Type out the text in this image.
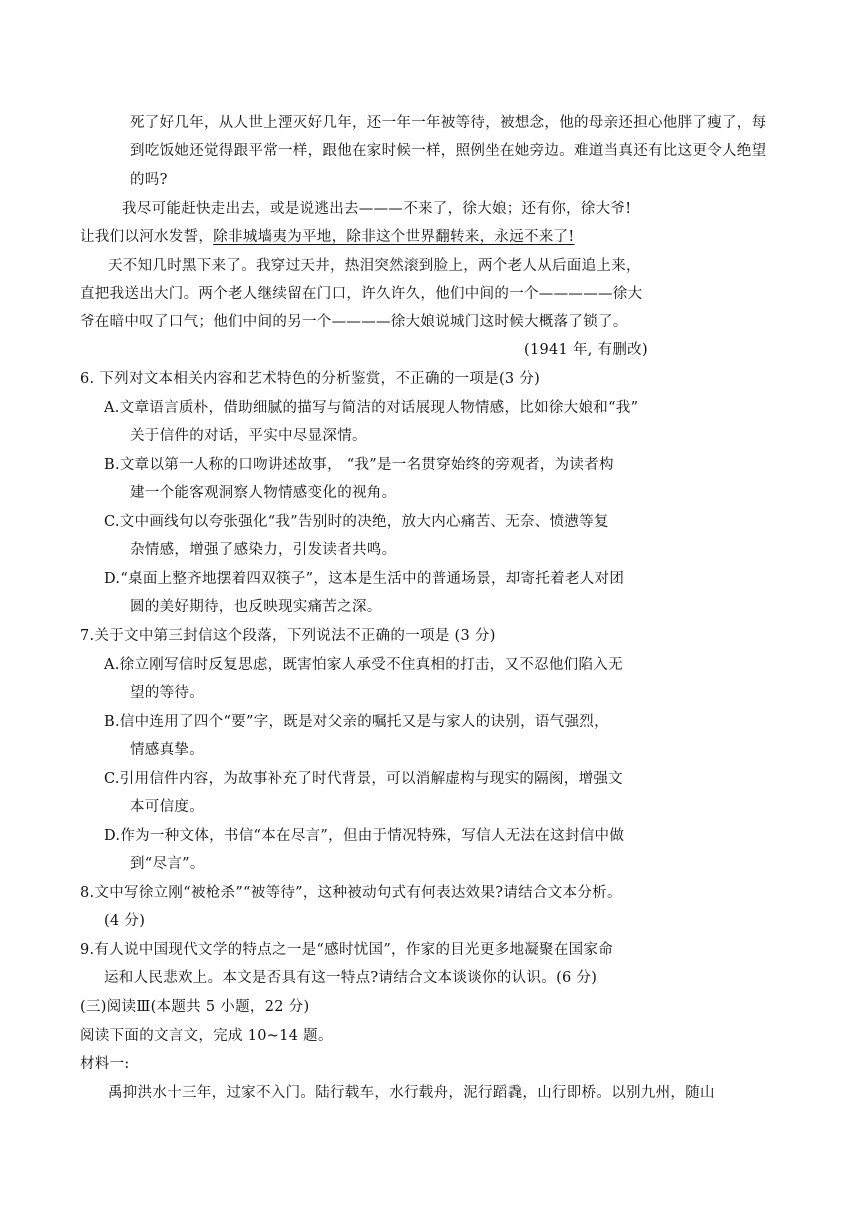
死了好几年，从人世上湮灭好几年，还一年一年被等待，被想念，他的母亲还担心他胖了瘦了，每
到吃饭她还觉得跟平常一样，跟他在家时候一样，照例坐在她旁边。难道当真还有比这更令人绝望
的吗?
我尽可能赶快走出去，或是说逃出去———不来了，徐大娘；还有你，徐大爷!
让我们以河水发誓，除非城墙夷为平地，除非这个世界翻转来，永远不来了!
天不知几时黑下来了。我穿过天井，热泪突然滚到脸上，两个老人从后面追上来，
直把我送出大门。两个老人继续留在门口，许久许久，他们中间的一个—————徐大
爷在暗中叹了口气；他们中间的另一个————徐大娘说城门这时候大概落了锁了。
(1941 年, 有删改)
6. 下列对文本相关内容和艺术特色的分析鉴赏，不正确的一项是(3 分)
A.文章语言质朴，借助细腻的描写与简洁的对话展现人物情感，比如徐大娘和“我”
关于信件的对话，平实中尽显深情。
B.文章以第一人称的口吻讲述故事， “我”是一名贯穿始终的旁观者，为读者构
建一个能客观洞察人物情感变化的视角。
C.文中画线句以夸张强化“我”告别时的决绝，放大内心痛苦、无奈、愤懑等复
杂情感，增强了感染力，引发读者共鸣。
D.“桌面上整齐地摆着四双筷子”，这本是生活中的普通场景，却寄托着老人对团
圆的美好期待，也反映现实痛苦之深。
7.关于文中第三封信这个段落，下列说法不正确的一项是 (3 分)
A.徐立刚写信时反复思虑，既害怕家人承受不住真相的打击，又不忍他们陷入无
望的等待。
B.信中连用了四个“要”字，既是对父亲的嘱托又是与家人的诀别，语气强烈，
情感真挚。
C.引用信件内容，为故事补充了时代背景，可以消解虚构与现实的隔阂，增强文
本可信度。
D.作为一种文体，书信“本在尽言”，但由于情况特殊，写信人无法在这封信中做
到“尽言”。
8.文中写徐立刚“被枪杀”“被等待”，这种被动句式有何表达效果?请结合文本分析。
(4 分)
9.有人说中国现代文学的特点之一是“感时忧国”，作家的目光更多地凝聚在国家命
运和人民悲欢上。本文是否具有这一特点?请结合文本谈谈你的认识。(6 分)
(三)阅读Ⅲ(本题共 5 小题，22 分)
阅读下面的文言文，完成 10~14 题。
材料一:
禹抑洪水十三年，过家不入门。陆行载车，水行载舟，泥行蹈毳，山行即桥。以别九州，随山
